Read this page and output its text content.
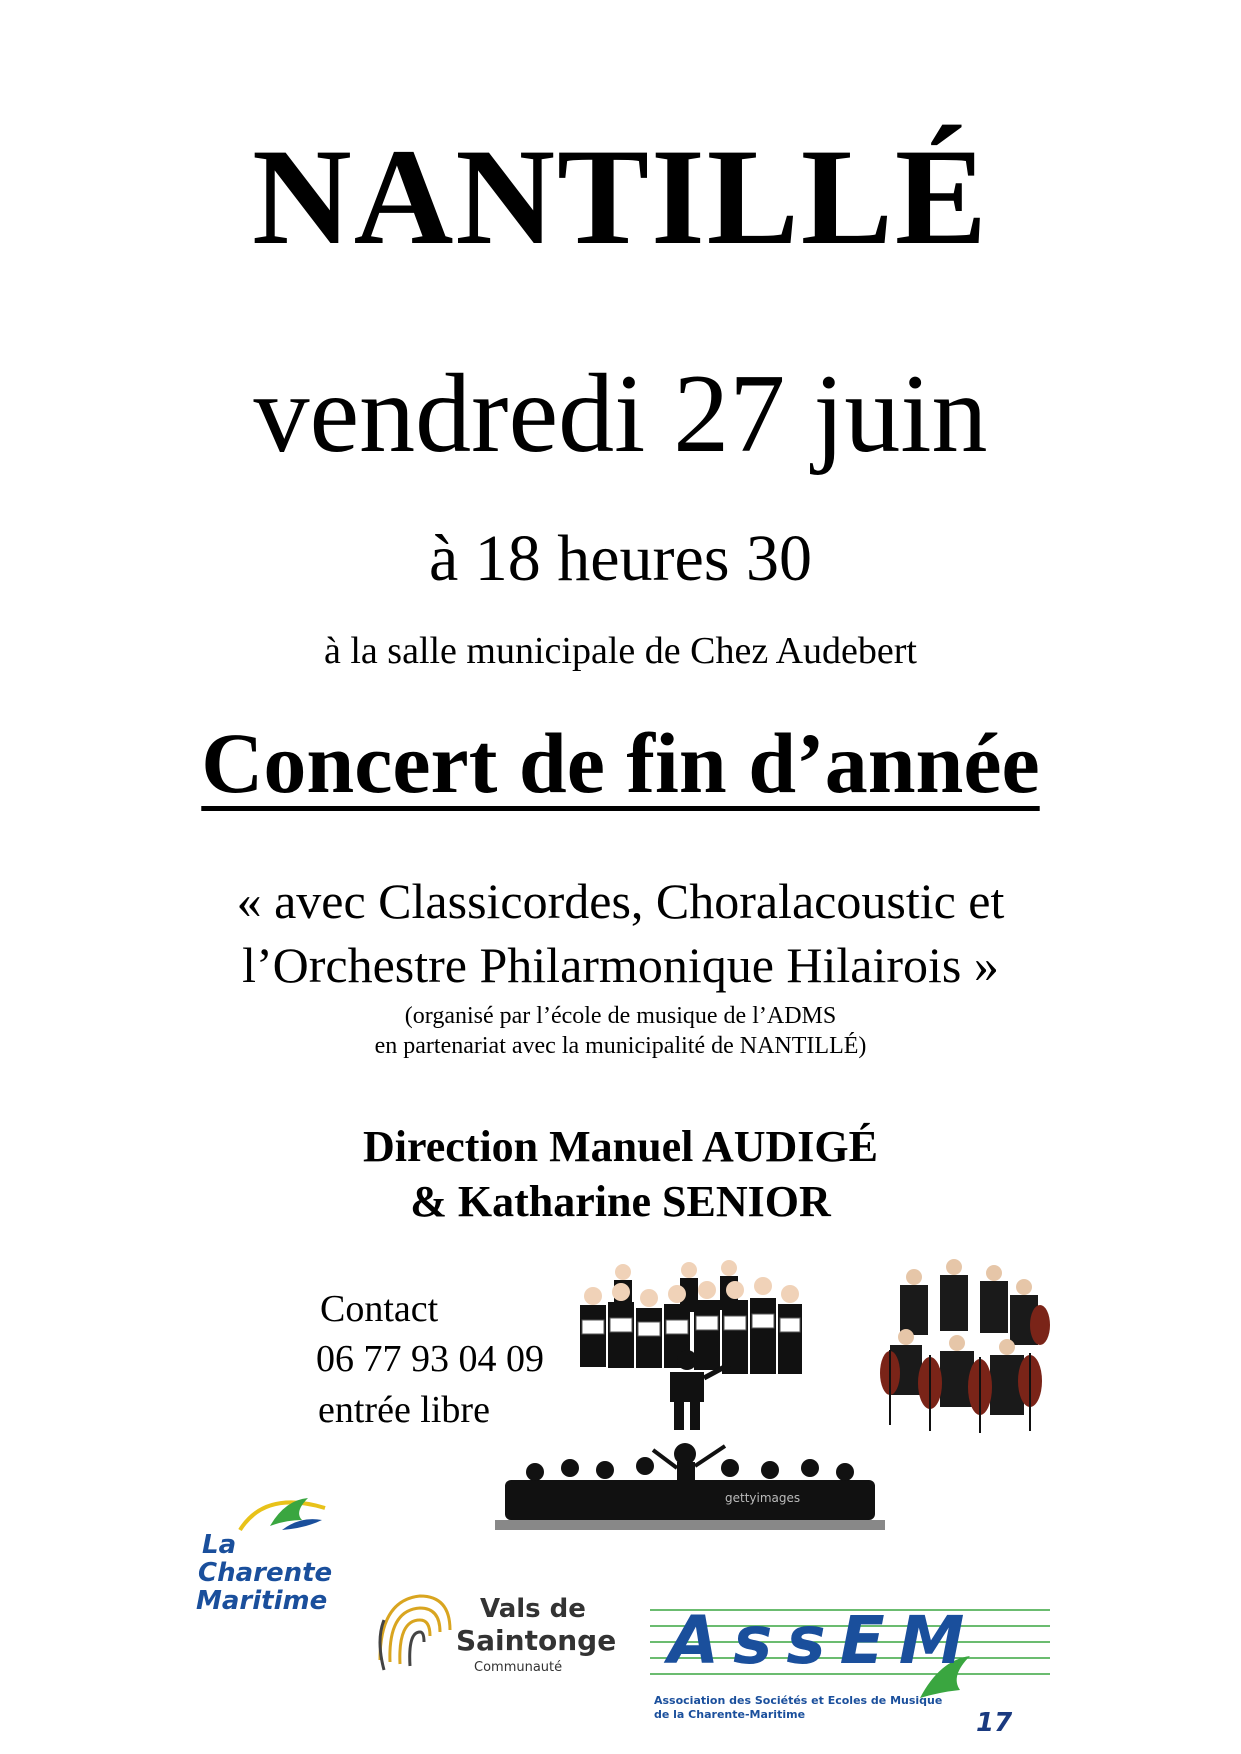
NANTILLÉ
vendredi 27 juin
à 18 heures 30
à la salle municipale de Chez Audebert
Concert de fin d’année
« avec Classicordes, Choralacoustic et
l’Orchestre Philarmonique Hilairois »
(organisé par l’école de musique de l’ADMS
en partenariat avec la municipalité de NANTILLÉ)
Direction Manuel AUDIGÉ
& Katharine SENIOR
Contact
06 77 93 04 09
entrée libre
gettyimages
La
Charente
Maritime	Vals de
Saintonge
Communauté AssEM
Association des Sociétés et Ecoles de Musique
de la Charente-Maritime	17
